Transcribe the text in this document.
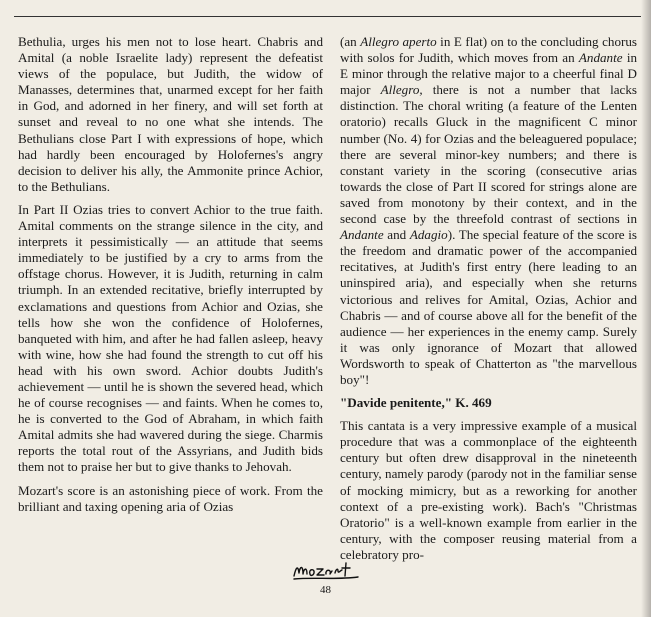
Bethulia, urges his men not to lose heart. Chabris and Amital (a noble Israelite lady) represent the defeatist views of the populace, but Judith, the widow of Manasses, determines that, unarmed except for her faith in God, and adorned in her finery, and will set forth at sunset and reveal to no one what she intends. The Bethulians close Part I with expressions of hope, which had hardly been encouraged by Holofernes's angry decision to deliver his ally, the Ammonite prince Achior, to the Bethulians.

In Part II Ozias tries to convert Achior to the true faith. Amital comments on the strange silence in the city, and interprets it pessimistically — an attitude that seems immediately to be justified by a cry to arms from the offstage chorus. However, it is Judith, returning in calm triumph. In an extended recitative, briefly interrupted by exclamations and questions from Achior and Ozias, she tells how she won the confidence of Holofernes, banqueted with him, and after he had fallen asleep, heavy with wine, how she had found the strength to cut off his head with his own sword. Achior doubts Judith's achievement — until he is shown the severed head, which he of course recognises — and faints. When he comes to, he is converted to the God of Abraham, in which faith Amital admits she had wavered during the siege. Charmis reports the total rout of the Assyrians, and Judith bids them not to praise her but to give thanks to Jehovah.

Mozart's score is an astonishing piece of work. From the brilliant and taxing opening aria of Ozias

(an Allegro aperto in E flat) on to the concluding chorus with solos for Judith, which moves from an Andante in E minor through the relative major to a cheerful final D major Allegro, there is not a number that lacks distinction. The choral writing (a feature of the Lenten oratorio) recalls Gluck in the magnificent C minor number (No. 4) for Ozias and the beleaguered populace; there are several minor-key numbers; and there is constant variety in the scoring (consecutive arias towards the close of Part II scored for strings alone are saved from monotony by their context, and in the second case by the threefold contrast of sections in Andante and Adagio). The special feature of the score is the freedom and dramatic power of the accompanied recitatives, at Judith's first entry (here leading to an uninspired aria), and especially when she returns victorious and relives for Amital, Ozias, Achior and Chabris — and of course above all for the benefit of the audience — her experiences in the enemy camp. Surely it was only ignorance of Mozart that allowed Wordsworth to speak of Chatterton as "the marvellous boy"!

"Davide penitente," K. 469

This cantata is a very impressive example of a musical procedure that was a commonplace of the eighteenth century but often drew disapproval in the nineteenth century, namely parody (parody not in the familiar sense of mocking mimicry, but as a reworking for another context of a pre-existing work). Bach's "Christmas Oratorio" is a well-known example from earlier in the century, with the composer reusing material from a celebratory pro-

48
